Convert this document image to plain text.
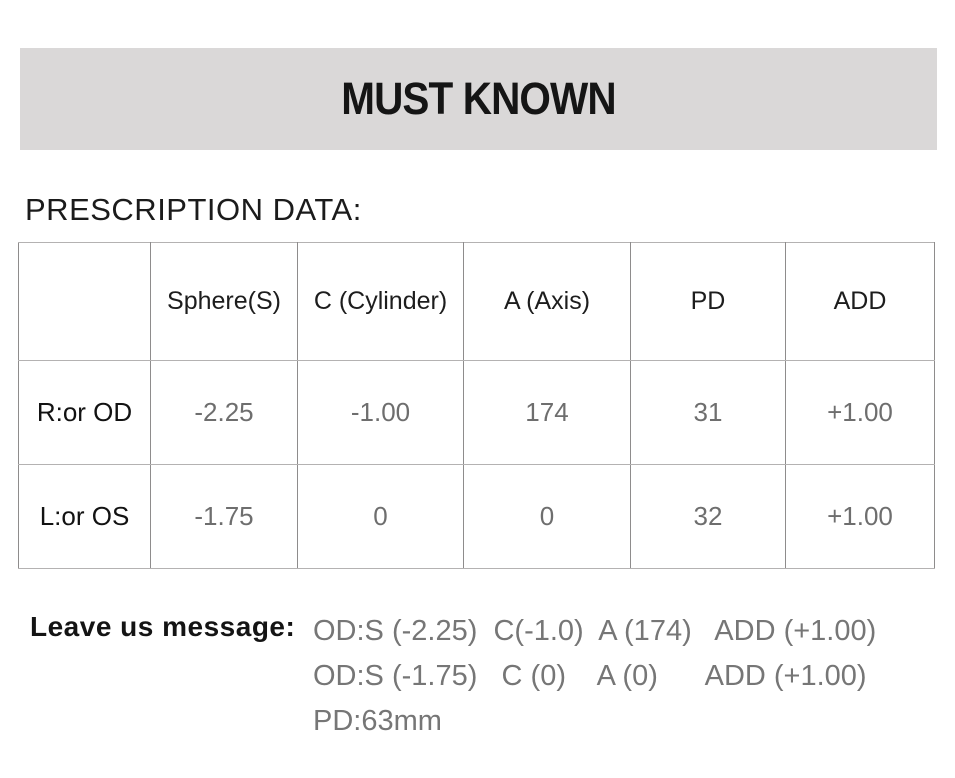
MUST KNOWN
PRESCRIPTION DATA:
	Sphere(S)	C (Cylinder)	A (Axis)	PD	ADD
R:or OD	-2.25	-1.00	174	31	+1.00
L:or OS	-1.75	0	0	32	+1.00
Leave us message: OD:S (-2.25)  C(-1.0)  A (174)   ADD (+1.00)
OD:S (-1.75)   C (0)    A (0)      ADD (+1.00)
PD:63mm
